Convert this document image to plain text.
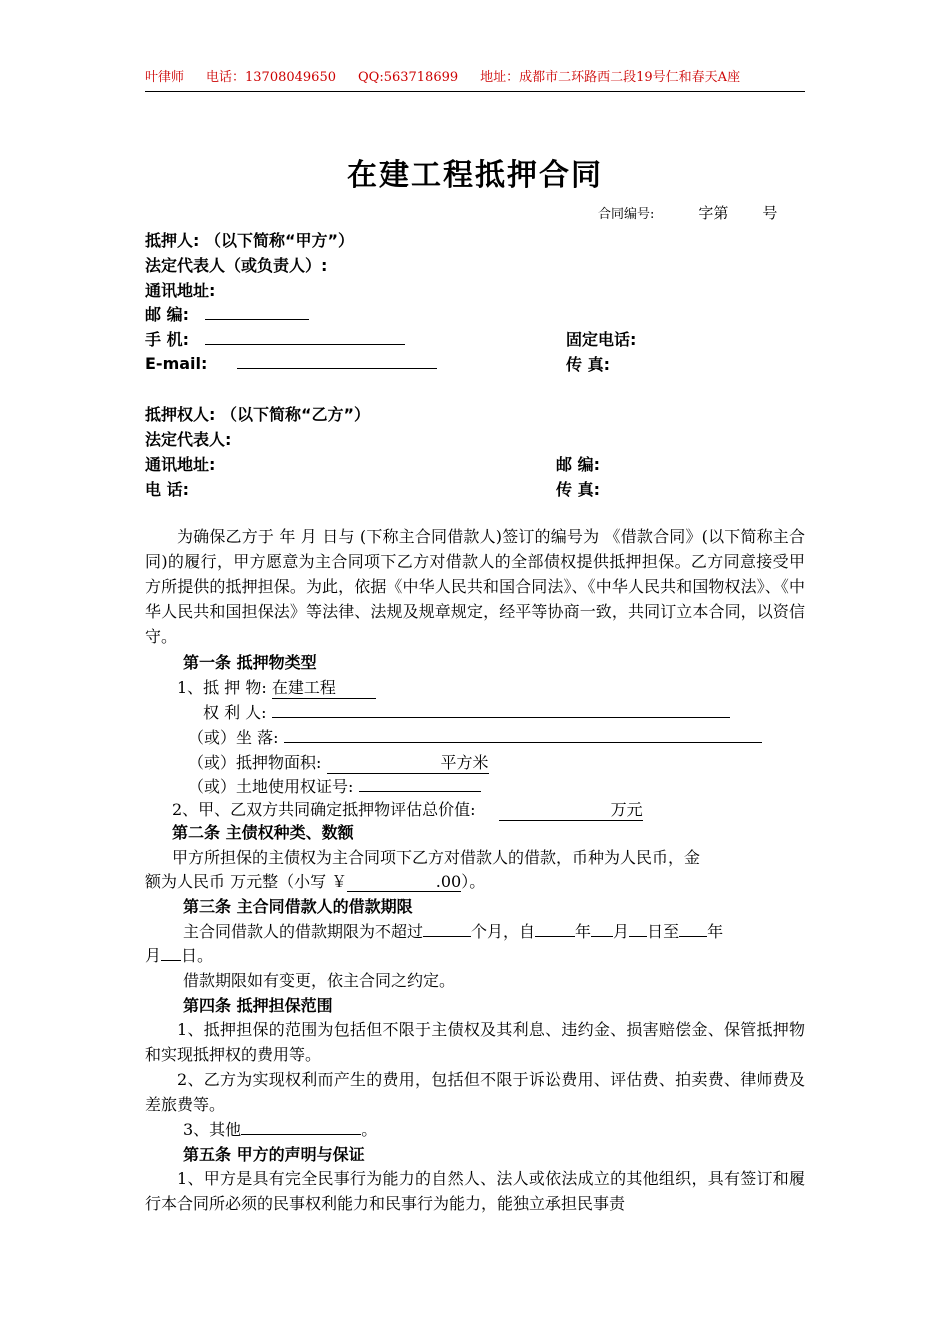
叶律师 电话：13708049650 QQ:563718699 地址：成都市二环路西二段19号仁和春天A座
在建工程抵押合同
合同编号:	字第 号
抵押人: （以下简称“甲方”）
法定代表人（或负责人）:
通讯地址:
邮 编:
手 机:	固定电话:
E-mail:	传 真:
抵押权人: （以下简称“乙方”）
法定代表人:
通讯地址:	邮 编:
电 话:	传 真:
为确保乙方于 年 月 日与 (下称主合同借款人)签订的编号为 《借款合同》(以下简称主合同)的履行，甲方愿意为主合同项下乙方对借款人的全部债权提供抵押担保。乙方同意接受甲方所提供的抵押担保。为此，依据《中华人民共和国合同法》、《中华人民共和国物权法》、《中华人民共和国担保法》等法律、法规及规章规定，经平等协商一致，共同订立本合同，以资信守。
第一条 抵押物类型
1、抵 押 物: 在建工程
权 利 人:
（或）坐 落:
（或）抵押物面积:	平方米
（或）土地使用权证号:
2、甲、乙双方共同确定抵押物评估总价值:	万元
第二条 主债权种类、数额
甲方所担保的主债权为主合同项下乙方对借款人的借款，币种为人民币，金
额为人民币 万元整（小写 ￥	.00）。
第三条 主合同借款人的借款期限
主合同借款人的借款期限为不超过	个月，自	年 月 日至 年
月 日。
借款期限如有变更，依主合同之约定。
第四条 抵押担保范围
1、抵押担保的范围为包括但不限于主债权及其利息、违约金、损害赔偿金、保管抵押物和实现抵押权的费用等。
2、乙方为实现权利而产生的费用，包括但不限于诉讼费用、评估费、拍卖费、律师费及差旅费等。
3、其他	。
第五条 甲方的声明与保证
1、甲方是具有完全民事行为能力的自然人、法人或依法成立的其他组织，具有签订和履行本合同所必须的民事权利能力和民事行为能力，能独立承担民事责
